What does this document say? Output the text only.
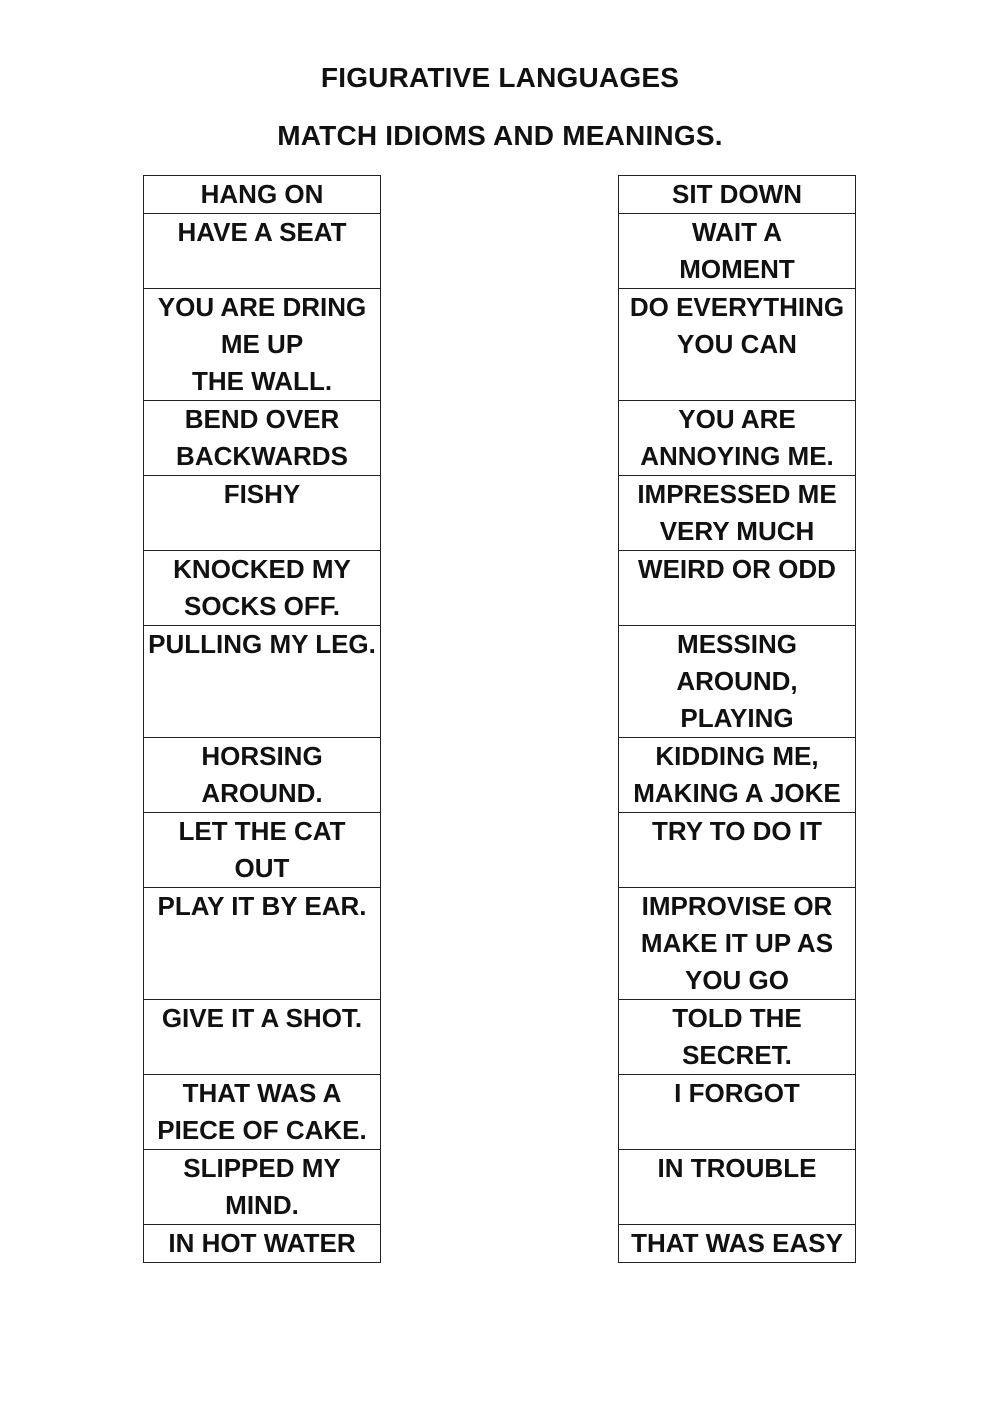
FIGURATIVE LANGUAGES
MATCH IDIOMS AND MEANINGS.
HANG ON
HAVE A SEAT
YOU ARE DRING
ME UP
THE WALL.
BEND OVER
BACKWARDS
FISHY
KNOCKED MY
SOCKS OFF.
PULLING MY LEG.
HORSING
AROUND.
LET THE CAT OUT

PLAY IT BY EAR.
GIVE IT A SHOT.
THAT WAS A
PIECE OF CAKE.
SLIPPED MY
MIND.
IN HOT WATER
SIT DOWN
WAIT A
MOMENT
DO EVERYTHING
YOU CAN
YOU ARE
ANNOYING ME.
IMPRESSED ME
VERY MUCH
WEIRD OR ODD
MESSING
AROUND,
PLAYING
KIDDING ME,
MAKING A JOKE
TRY TO DO IT
IMPROVISE OR
MAKE IT UP AS
YOU GO
TOLD THE
SECRET.
I FORGOT
IN TROUBLE
THAT WAS EASY
